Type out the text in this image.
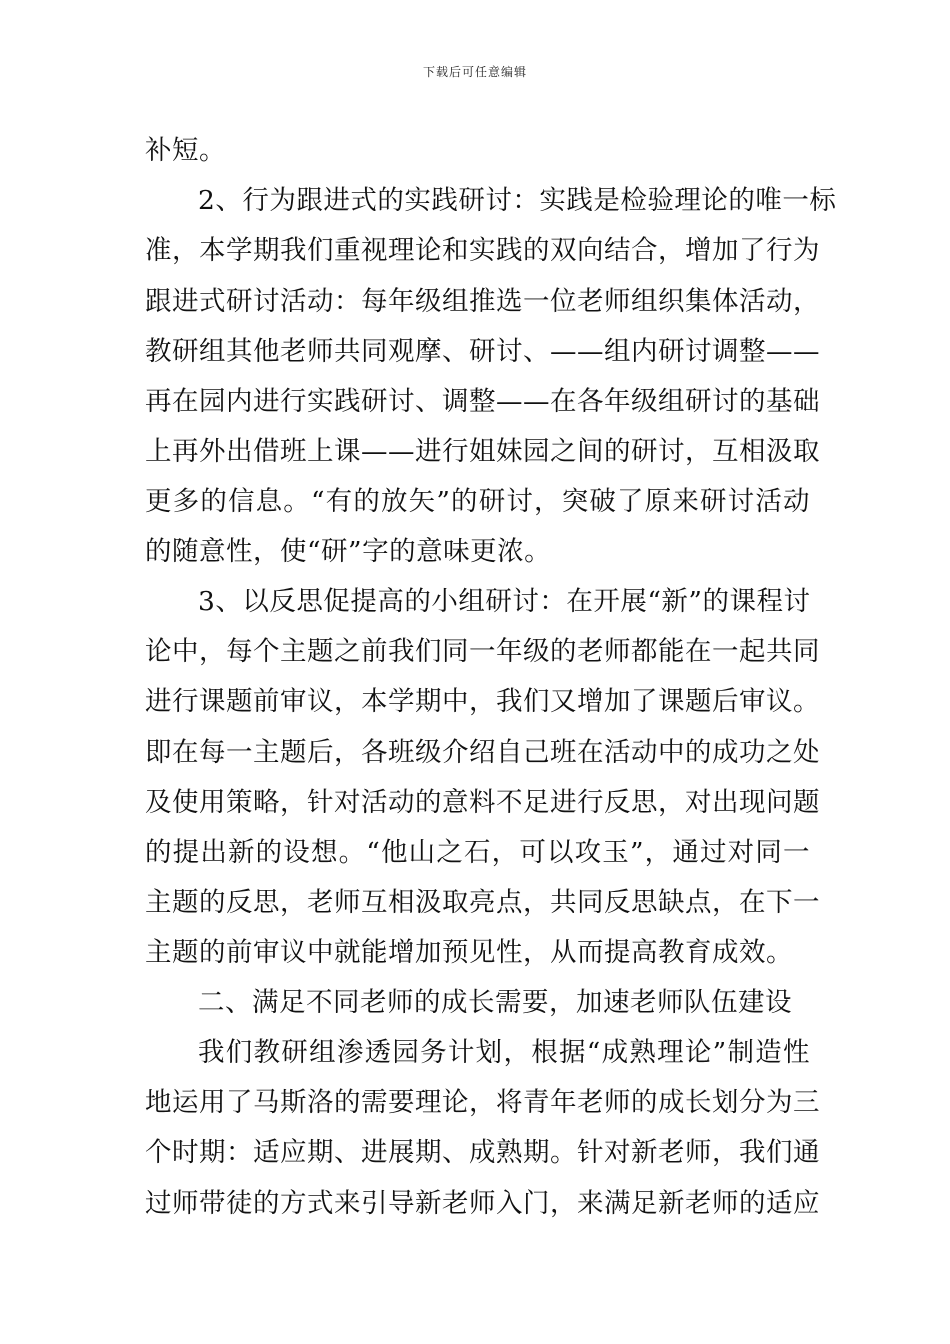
下载后可任意编辑
补短。
2、行为跟进式的实践研讨：实践是检验理论的唯一标
准，本学期我们重视理论和实践的双向结合，增加了行为
跟进式研讨活动：每年级组推选一位老师组织集体活动，
教研组其他老师共同观摩、研讨、——组内研讨调整——
再在园内进行实践研讨、调整——在各年级组研讨的基础
上再外出借班上课——进行姐妹园之间的研讨，互相汲取
更多的信息。“有的放矢”的研讨，突破了原来研讨活动
的随意性，使“研”字的意味更浓。
3、以反思促提高的小组研讨：在开展“新”的课程讨
论中，每个主题之前我们同一年级的老师都能在一起共同
进行课题前审议，本学期中，我们又增加了课题后审议。
即在每一主题后，各班级介绍自己班在活动中的成功之处
及使用策略，针对活动的意料不足进行反思，对出现问题
的提出新的设想。“他山之石，可以攻玉”，通过对同一
主题的反思，老师互相汲取亮点，共同反思缺点，在下一
主题的前审议中就能增加预见性，从而提高教育成效。
二、满足不同老师的成长需要，加速老师队伍建设
我们教研组渗透园务计划，根据“成熟理论”制造性
地运用了马斯洛的需要理论，将青年老师的成长划分为三
个时期：适应期、进展期、成熟期。针对新老师，我们通
过师带徒的方式来引导新老师入门，来满足新老师的适应
